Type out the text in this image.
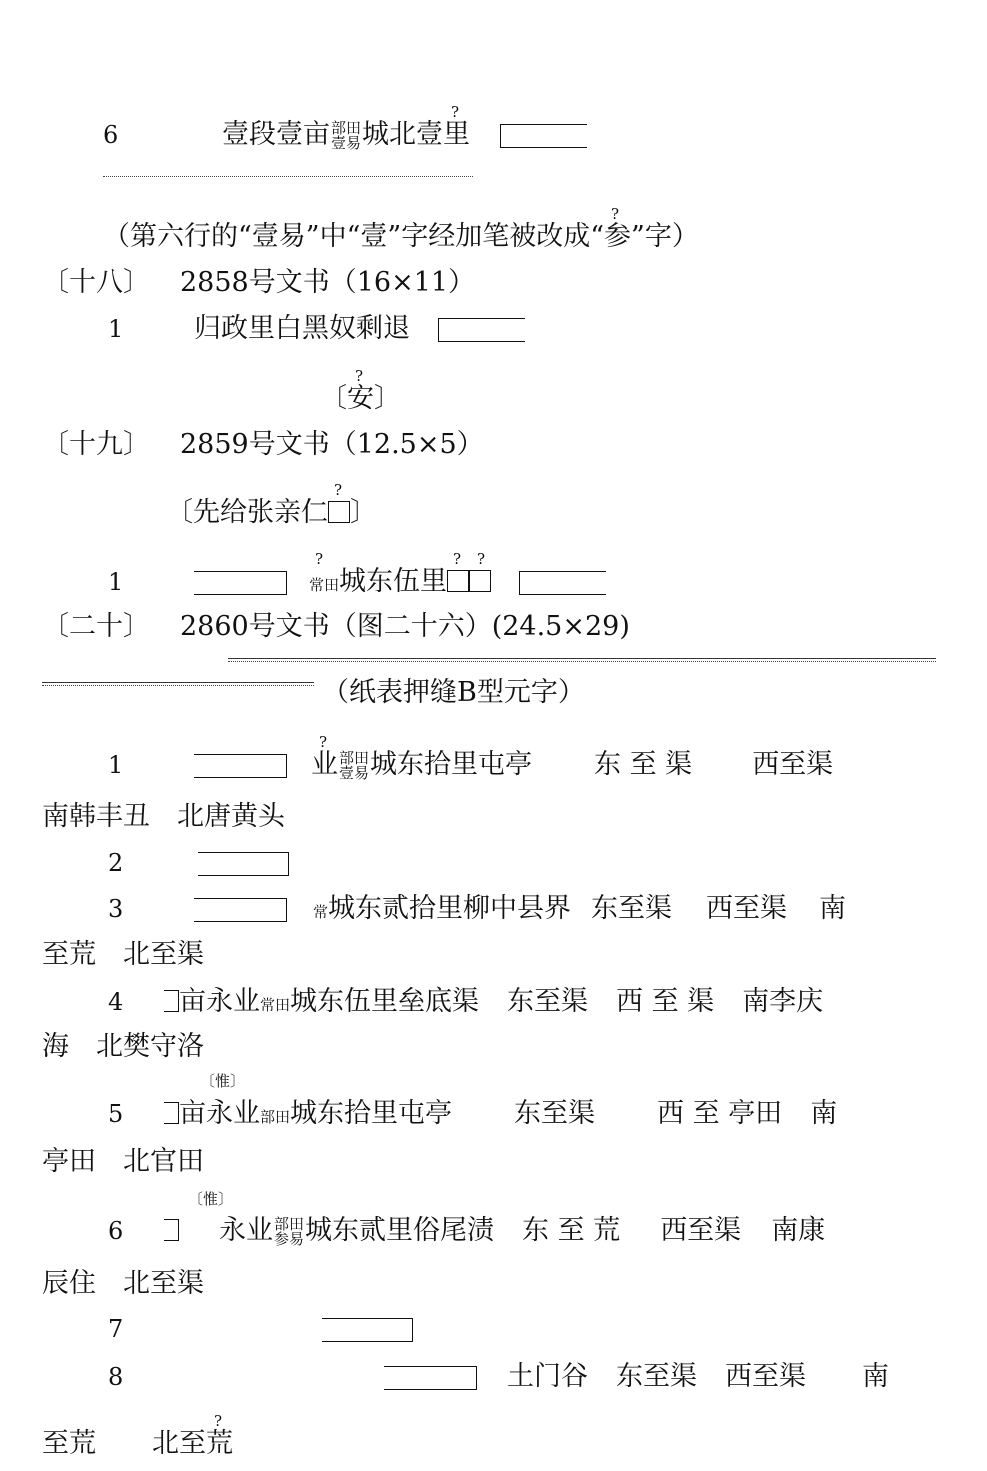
6	壹段壹亩部田
壹易城北壹
?
里
（第六行的“壹易”中“壹”字经加笔被改成“
?
参”字）
〔十八〕 2858号文书（16×11）
1	归政里白黑奴剩退
〔
?
安〕
〔十九〕 2859号文书（12.5×5）
〔先给张亲仁
?
〕
1
?
常田城东伍里
? ?
〔二十〕 2860号文书（图二十六）(24.5×29)
（纸表押缝B型元字）
1
?
业部田
壹易城东拾里屯亭 东 至 渠 西至渠
南韩丰丑　北唐黄头
2
3	常城东贰拾里柳中县界 东至渠 西至渠 南
至荒　北至渠
4	亩永业常田城东伍里垒底渠 东至渠 西 至 渠 南李庆
海　北樊守洛
〔惟〕
5	亩永业部田城东拾里屯亭 东至渠 西 至 亭田 南
亭田　北官田
〔惟〕
6	永业部田
参易城东贰里俗尾渍 东 至 荒 西至渠 南康
辰住　北至渠
7
8	土门谷 东至渠 西至渠 南
至荒 北至
?
荒
